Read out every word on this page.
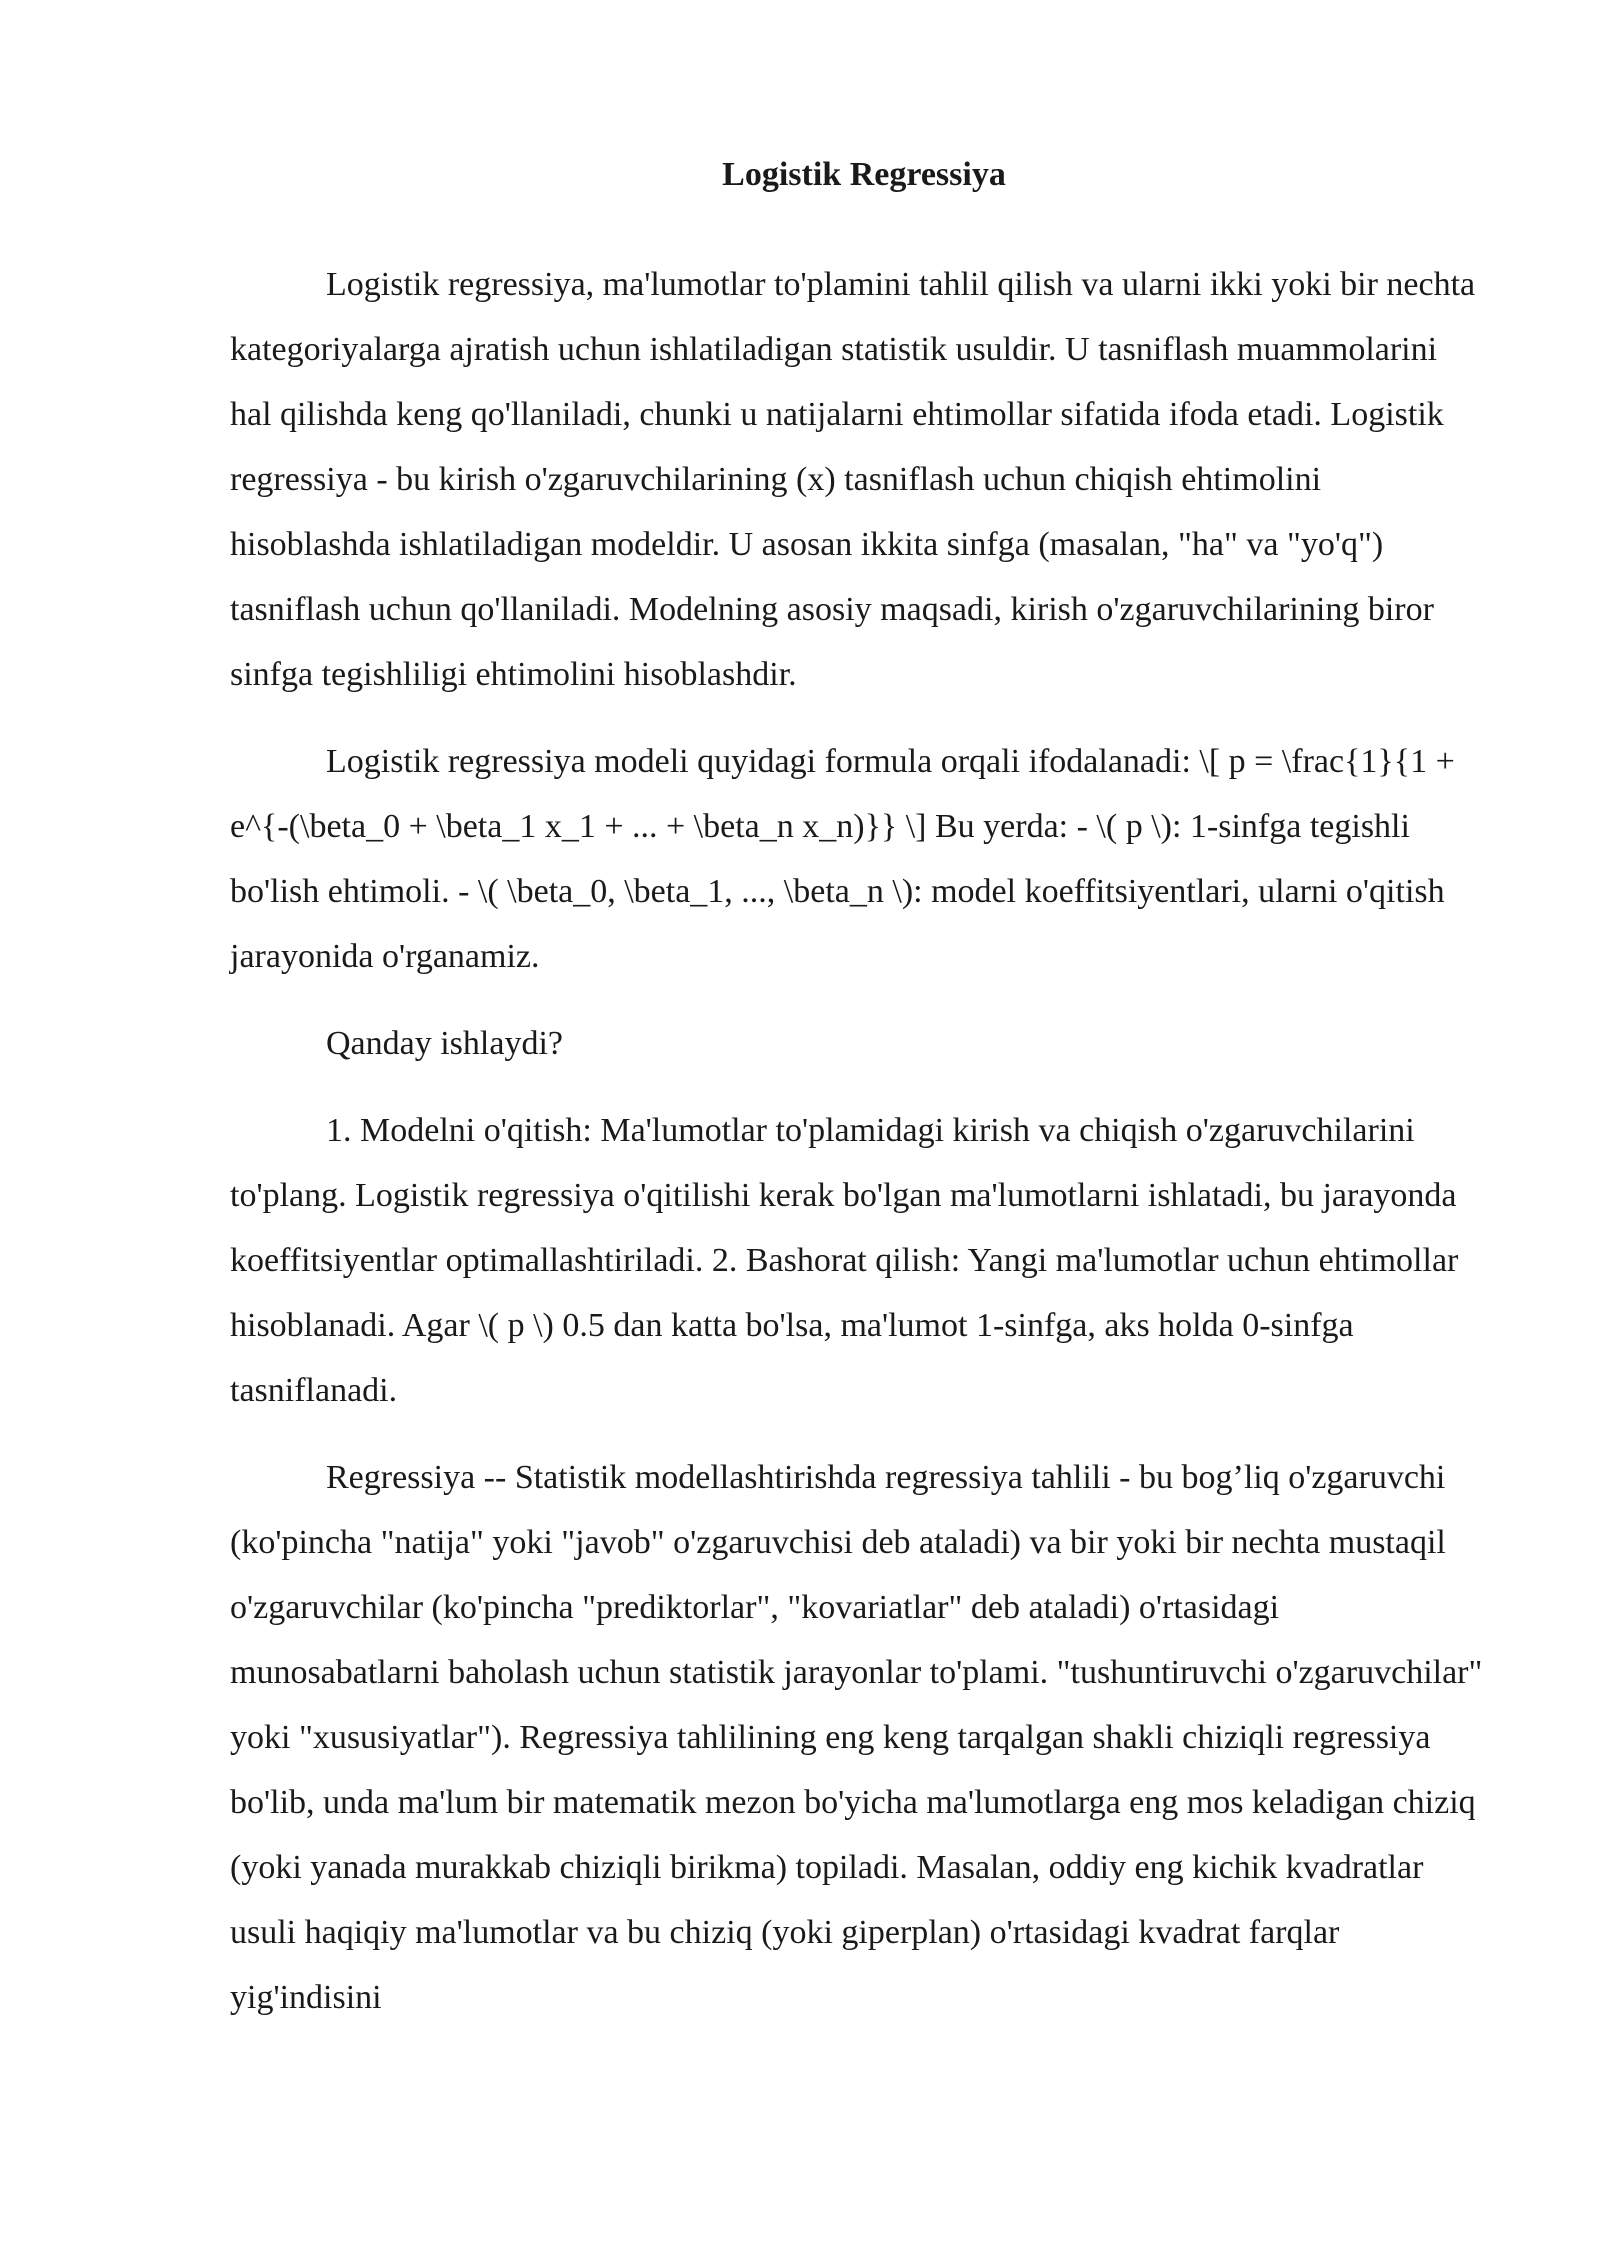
Logistik Regressiya

Logistik regressiya, ma'lumotlar to'plamini tahlil qilish va ularni ikki yoki bir nechta kategoriyalarga ajratish uchun ishlatiladigan statistik usuldir. U tasniflash muammolarini hal qilishda keng qo'llaniladi, chunki u natijalarni ehtimollar sifatida ifoda etadi. Logistik regressiya - bu kirish o'zgaruvchilarining (x) tasniflash uchun chiqish ehtimolini hisoblashda ishlatiladigan modeldir. U asosan ikkita sinfga (masalan, "ha" va "yo'q") tasniflash uchun qo'llaniladi. Modelning asosiy maqsadi, kirish o'zgaruvchilarining biror sinfga tegishliligi ehtimolini hisoblashdir.

Logistik regressiya modeli quyidagi formula orqali ifodalanadi: \[ p = \frac{1}{1 + e^{-(\beta_0 + \beta_1 x_1 + ... + \beta_n x_n)}} \] Bu yerda: - \( p \): 1-sinfga tegishli bo'lish ehtimoli. - \( \beta_0, \beta_1, ..., \beta_n \): model koeffitsiyentlari, ularni o'qitish jarayonida o'rganamiz.

Qanday ishlaydi?

1. Modelni o'qitish: Ma'lumotlar to'plamidagi kirish va chiqish o'zgaruvchilarini to'plang. Logistik regressiya o'qitilishi kerak bo'lgan ma'lumotlarni ishlatadi, bu jarayonda koeffitsiyentlar optimallashtiriladi. 2. Bashorat qilish: Yangi ma'lumotlar uchun ehtimollar hisoblanadi. Agar \( p \) 0.5 dan katta bo'lsa, ma'lumot 1-sinfga, aks holda 0-sinfga tasniflanadi.

Regressiya -- Statistik modellashtirishda regressiya tahlili - bu bog’liq o'zgaruvchi (ko'pincha "natija" yoki "javob" o'zgaruvchisi deb ataladi) va bir yoki bir nechta mustaqil o'zgaruvchilar (ko'pincha "prediktorlar", "kovariatlar" deb ataladi) o'rtasidagi munosabatlarni baholash uchun statistik jarayonlar to'plami. "tushuntiruvchi o'zgaruvchilar" yoki "xususiyatlar"). Regressiya tahlilining eng keng tarqalgan shakli chiziqli regressiya bo'lib, unda ma'lum bir matematik mezon bo'yicha ma'lumotlarga eng mos keladigan chiziq (yoki yanada murakkab chiziqli birikma) topiladi. Masalan, oddiy eng kichik kvadratlar usuli haqiqiy ma'lumotlar va bu chiziq (yoki giperplan) o'rtasidagi kvadrat farqlar yig'indisini
